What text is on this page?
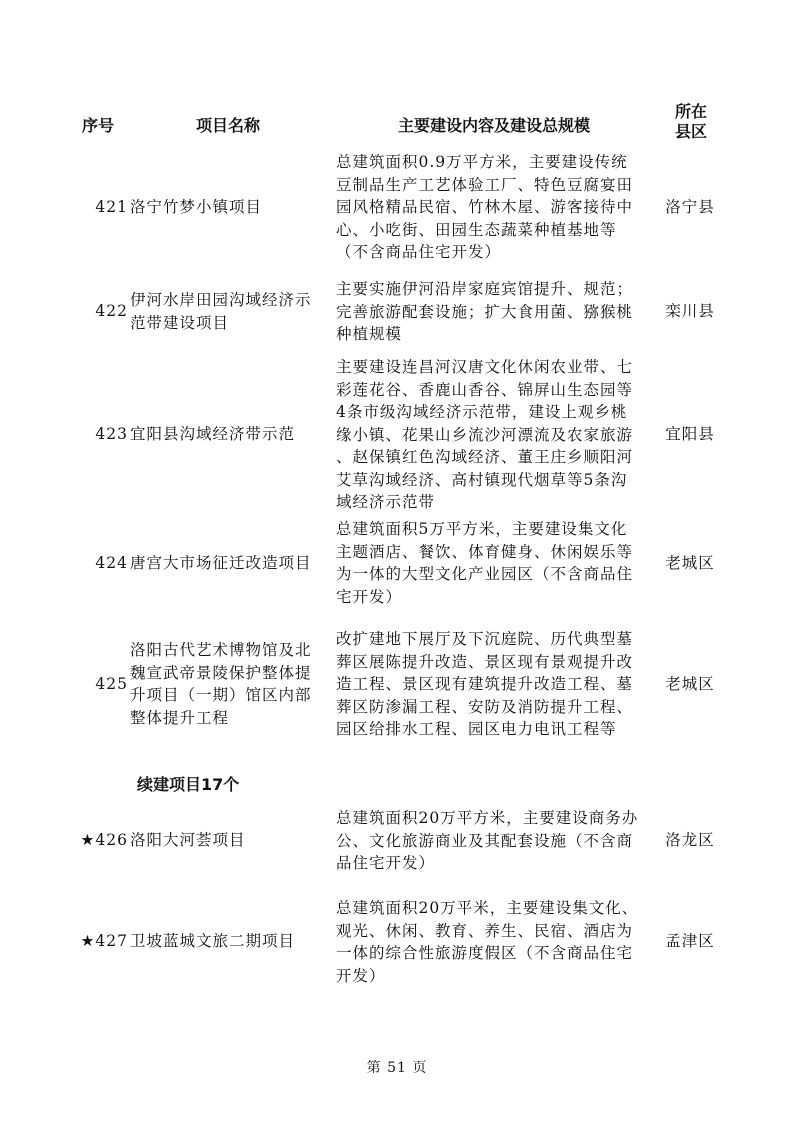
序号	项目名称	主要建设内容及建设总规模
所在
县区
421 洛宁竹梦小镇项目
总建筑面积0.9万平方米，主要建设传统
豆制品生产工艺体验工厂、特色豆腐宴田
园风格精品民宿、竹林木屋、游客接待中
心、小吃街、田园生态蔬菜种植基地等
（不含商品住宅开发）
洛宁县
422
伊河水岸田园沟域经济示
范带建设项目
主要实施伊河沿岸家庭宾馆提升、规范；
完善旅游配套设施；扩大食用菌、猕猴桃
种植规模
栾川县
423 宜阳县沟域经济带示范
主要建设连昌河汉唐文化休闲农业带、七
彩莲花谷、香鹿山香谷、锦屏山生态园等
4条市级沟域经济示范带，建设上观乡桃
缘小镇、花果山乡流沙河漂流及农家旅游
、赵保镇红色沟域经济、董王庄乡顺阳河
艾草沟域经济、高村镇现代烟草等5条沟
域经济示范带
宜阳县
424 唐宫大市场征迁改造项目
总建筑面积5万平方米，主要建设集文化
主题酒店、餐饮、体育健身、休闲娱乐等
为一体的大型文化产业园区（不含商品住
宅开发）
老城区
425
洛阳古代艺术博物馆及北
魏宣武帝景陵保护整体提
升项目（一期）馆区内部
整体提升工程
改扩建地下展厅及下沉庭院、历代典型墓
葬区展陈提升改造、景区现有景观提升改
造工程、景区现有建筑提升改造工程、墓
葬区防渗漏工程、安防及消防提升工程、
园区给排水工程、园区电力电讯工程等
老城区
续建项目17个
★426 洛阳大河荟项目
总建筑面积20万平方米，主要建设商务办
公、文化旅游商业及其配套设施（不含商
品住宅开发）
洛龙区
★427 卫坡蓝城文旅二期项目
总建筑面积20万平米，主要建设集文化、
观光、休闲、教育、养生、民宿、酒店为
一体的综合性旅游度假区（不含商品住宅
开发）
孟津区
第 51 页
